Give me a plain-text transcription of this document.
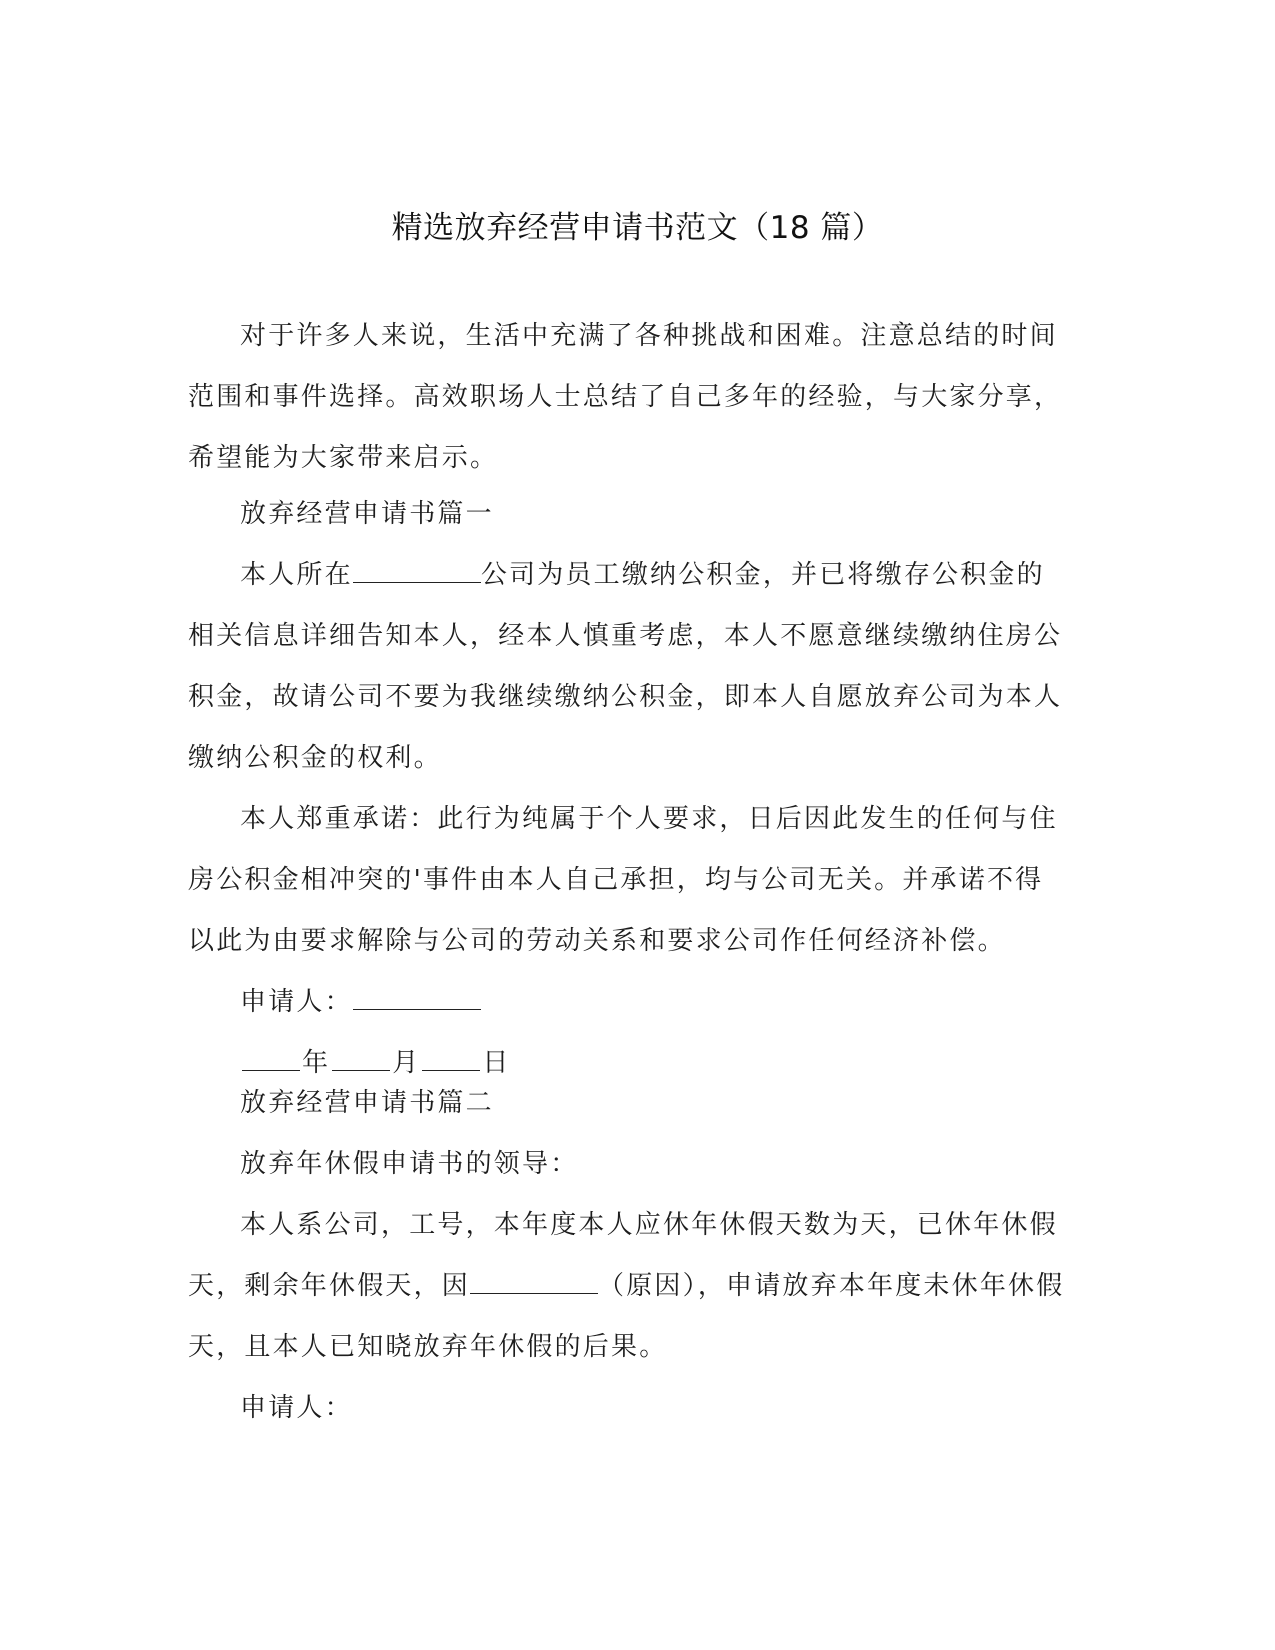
精选放弃经营申请书范文（18 篇）

对于许多人来说，生活中充满了各种挑战和困难。注意总结的时间范围和事件选择。高效职场人士总结了自己多年的经验，与大家分享，希望能为大家带来启示。

放弃经营申请书篇一

本人所在	公司为员工缴纳公积金，并已将缴存公积金的相关信息详细告知本人，经本人慎重考虑，本人不愿意继续缴纳住房公积金，故请公司不要为我继续缴纳公积金，即本人自愿放弃公司为本人缴纳公积金的权利。

本人郑重承诺：此行为纯属于个人要求，日后因此发生的任何与住房公积金相冲突的'事件由本人自己承担，均与公司无关。并承诺不得以此为由要求解除与公司的劳动关系和要求公司作任何经济补偿。

申请人：

年 月 日

放弃经营申请书篇二

放弃年休假申请书的领导：

本人系公司，工号，本年度本人应休年休假天数为天，已休年休假天，剩余年休假天，因	（原因），申请放弃本年度未休年休假天，且本人已知晓放弃年休假的后果。

申请人：
